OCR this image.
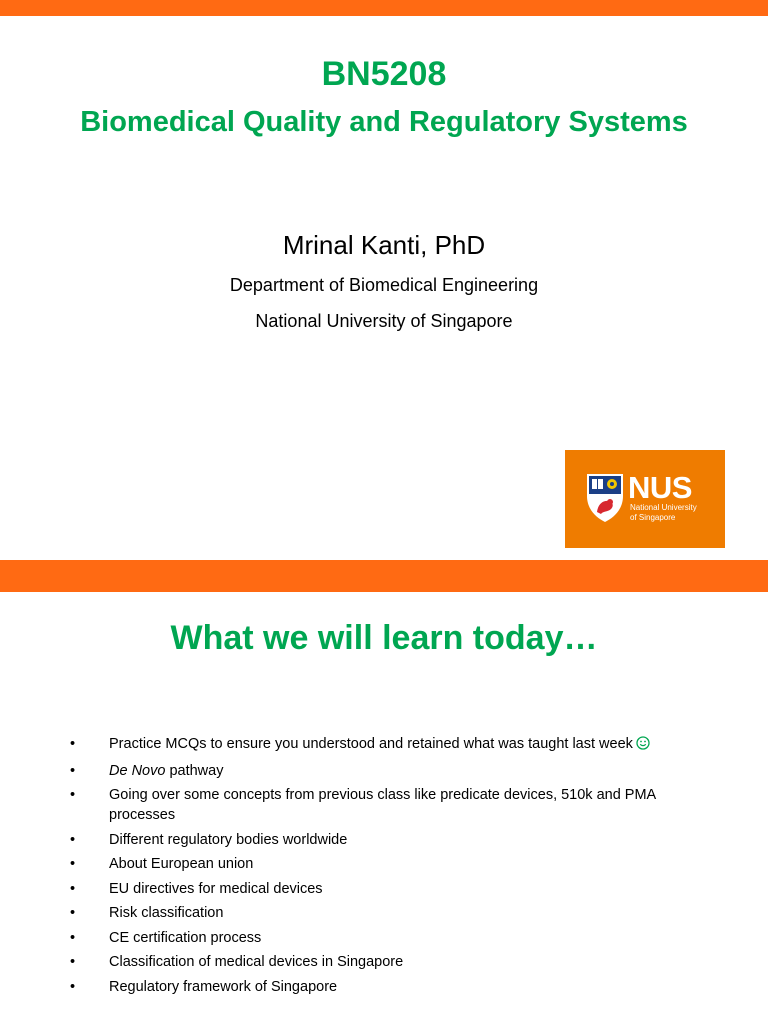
BN5208
Biomedical Quality and Regulatory Systems
Mrinal Kanti, PhD
Department of Biomedical Engineering
National University of Singapore
NUS
National University
of Singapore
What we will learn today…
• Practice MCQs to ensure you understood and retained what was taught last week
• De Novo pathway
• Going over some concepts from previous class like predicate devices, 510k and PMA processes
• Different regulatory bodies worldwide
• About European union
• EU directives for medical devices
• Risk classification
• CE certification process
• Classification of medical devices in Singapore
• Regulatory framework of Singapore
